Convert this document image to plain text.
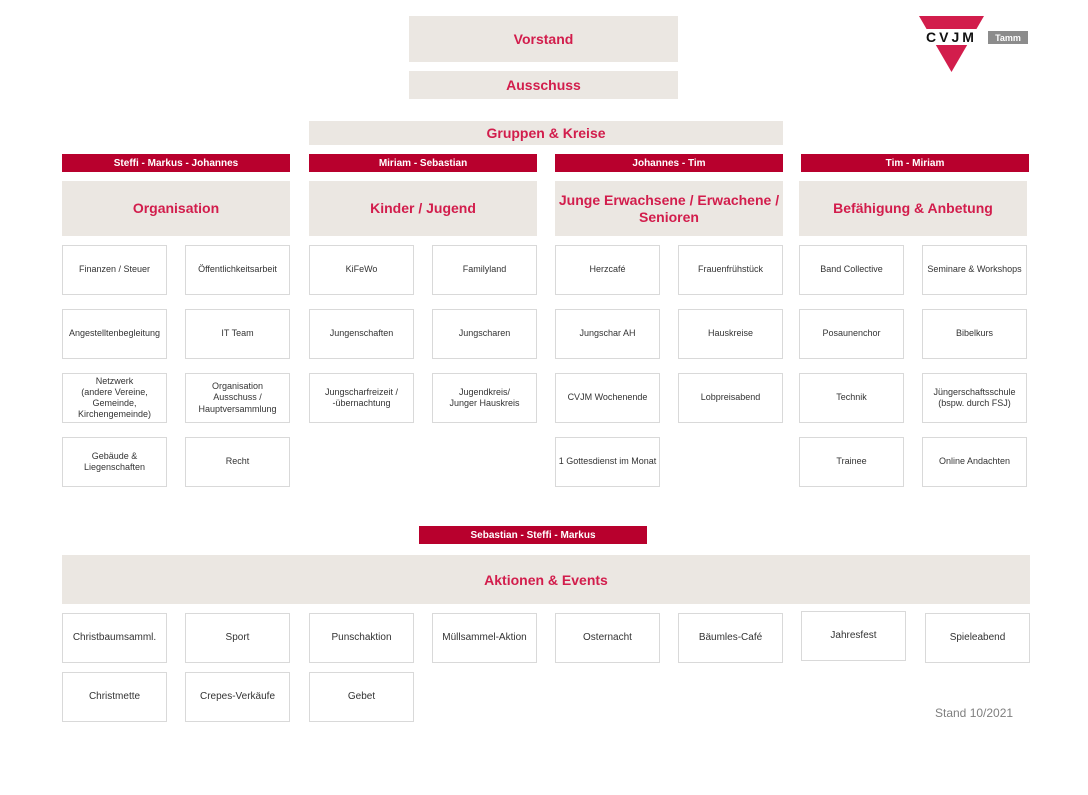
Vorstand
Ausschuss
Gruppen & Kreise
CVJM Tamm
Steffi - Markus - Johannes
Organisation
Finanzen / Steuer	Öffentlichkeitsarbeit
Angestelltenbegleitung	IT Team
Netzwerk
(andere Vereine,
Gemeinde,
Kirchengemeinde)
Organisation
Ausschuss /
Hauptversammlung
Gebäude &
Liegenschaften
Recht
Miriam - Sebastian
Kinder / Jugend
KiFeWo	Familyland
Jungenschaften	Jungscharen
Jungscharfreizeit /
-übernachtung
Jugendkreis/
Junger Hauskreis
Johannes - Tim
Junge Erwachsene / Erwachene /
Senioren
Herzcafé	Frauenfrühstück
Jungschar AH	Hauskreise
CVJM Wochenende	Lobpreisabend
1 Gottesdienst im Monat
Tim - Miriam
Befähigung & Anbetung
Band Collective	Seminare & Workshops
Posaunenchor	Bibelkurs
Technik
Jüngerschaftsschule
(bspw. durch FSJ)
Trainee	Online Andachten
Sebastian - Steffi - Markus
Aktionen & Events
Christbaumsamml.	Sport	Punschaktion	Müllsammel-Aktion	Osternacht	Bäumles-Café	Jahresfest	Spieleabend
Christmette	Crepes-Verkäufe	Gebet
Stand 10/2021
